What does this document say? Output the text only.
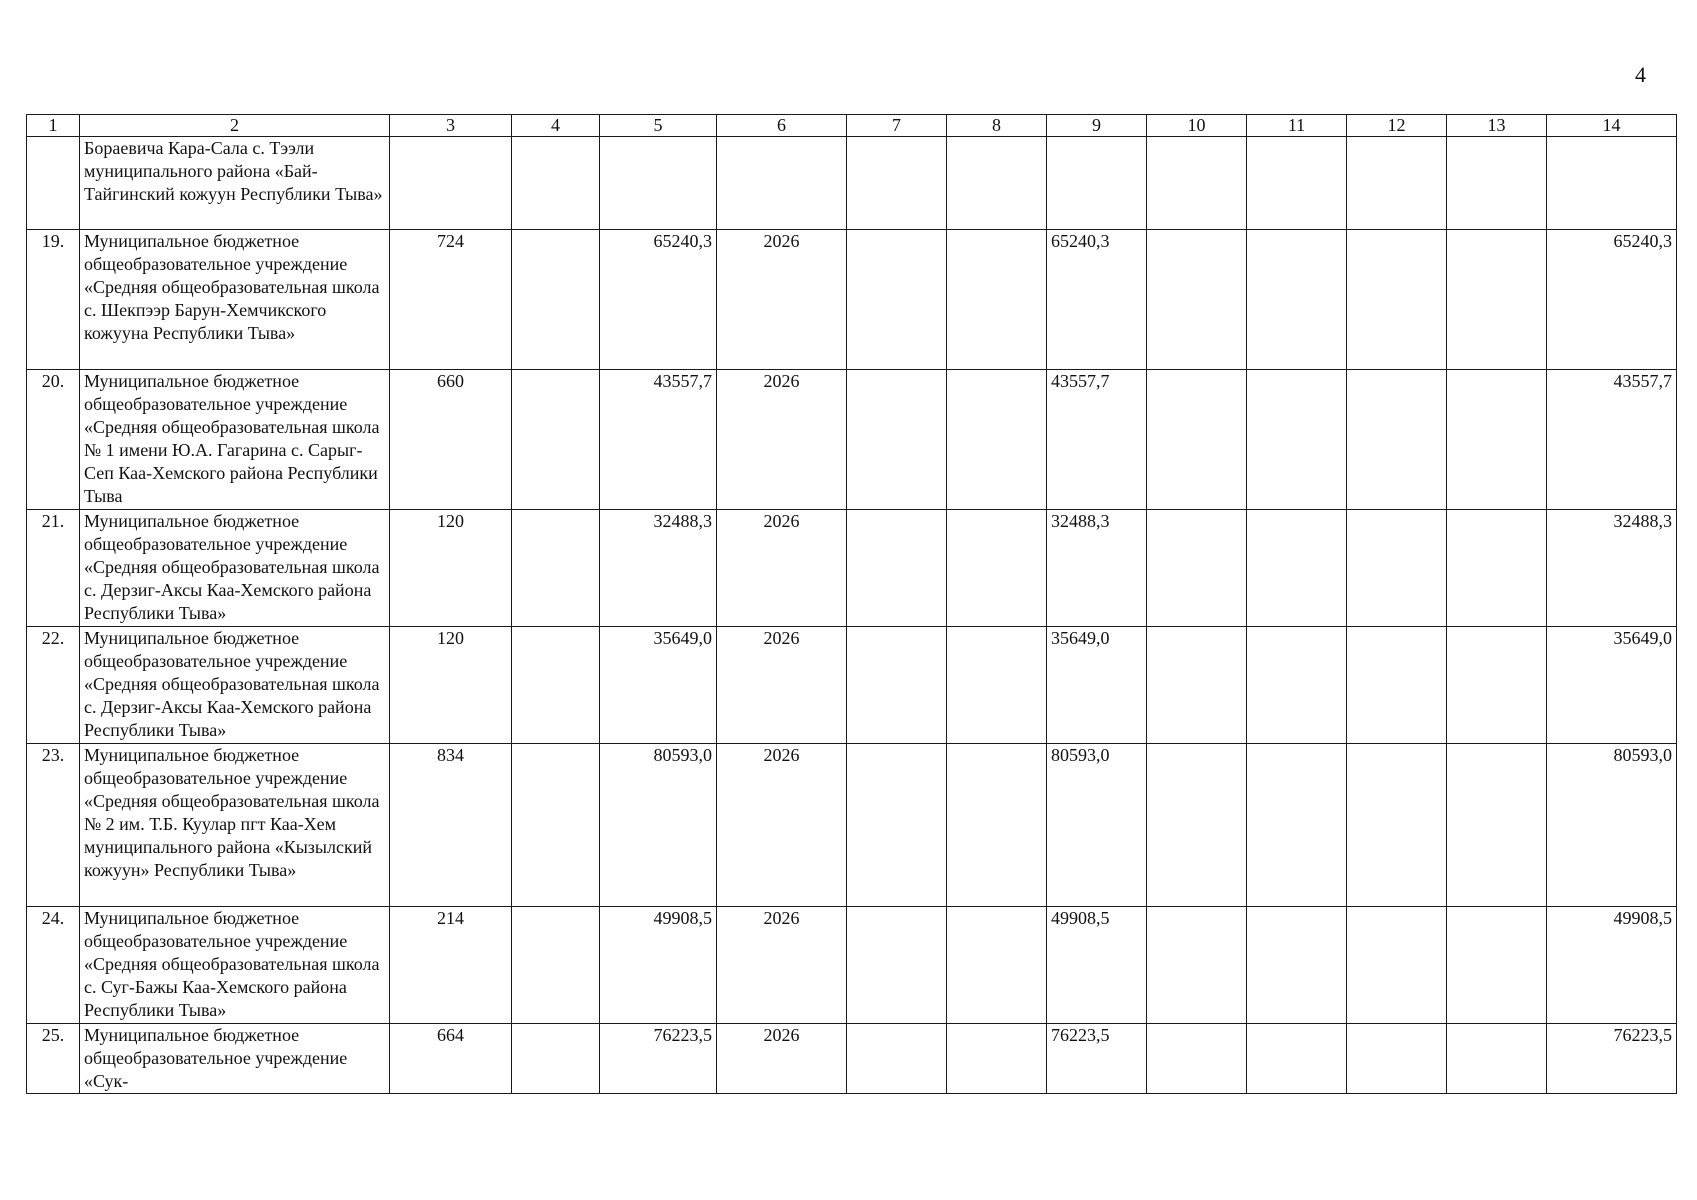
4
1	2	3	4	5	6	7	8	9	10	11	12	13	14
	Бораевича Кара-Сала с. Тээли муниципального района «Бай-Тайгинский кожуун Республики Тыва»												
19.	Муниципальное бюджетное общеобразовательное учреждение «Средняя общеобразовательная школа с. Шекпээр Барун-Хемчикского кожууна Республики Тыва»	724		65240,3	2026			65240,3					65240,3
20.	Муниципальное бюджетное общеобразовательное учреждение «Средняя общеобразовательная школа № 1 имени Ю.А. Гагарина с. Сарыг-Сеп Каа-Хемского района Республики Тыва	660		43557,7	2026			43557,7					43557,7
21.	Муниципальное бюджетное общеобразовательное учреждение «Средняя общеобразовательная школа с. Дерзиг-Аксы Каа-Хемского района Республики Тыва»	120		32488,3	2026			32488,3					32488,3
22.	Муниципальное бюджетное общеобразовательное учреждение «Средняя общеобразовательная школа с. Дерзиг-Аксы Каа-Хемского района Республики Тыва»	120		35649,0	2026			35649,0					35649,0
23.	Муниципальное бюджетное общеобразовательное учреждение «Средняя общеобразовательная школа № 2 им. Т.Б. Куулар пгт Каа-Хем муниципального района «Кызылский кожуун» Республики Тыва»	834		80593,0	2026			80593,0					80593,0
24.	Муниципальное бюджетное общеобразовательное учреждение «Средняя общеобразовательная школа с. Суг-Бажы Каа-Хемского района Республики Тыва»	214		49908,5	2026			49908,5					49908,5
25.	Муниципальное бюджетное общеобразовательное учреждение «Сук-	664		76223,5	2026			76223,5					76223,5
